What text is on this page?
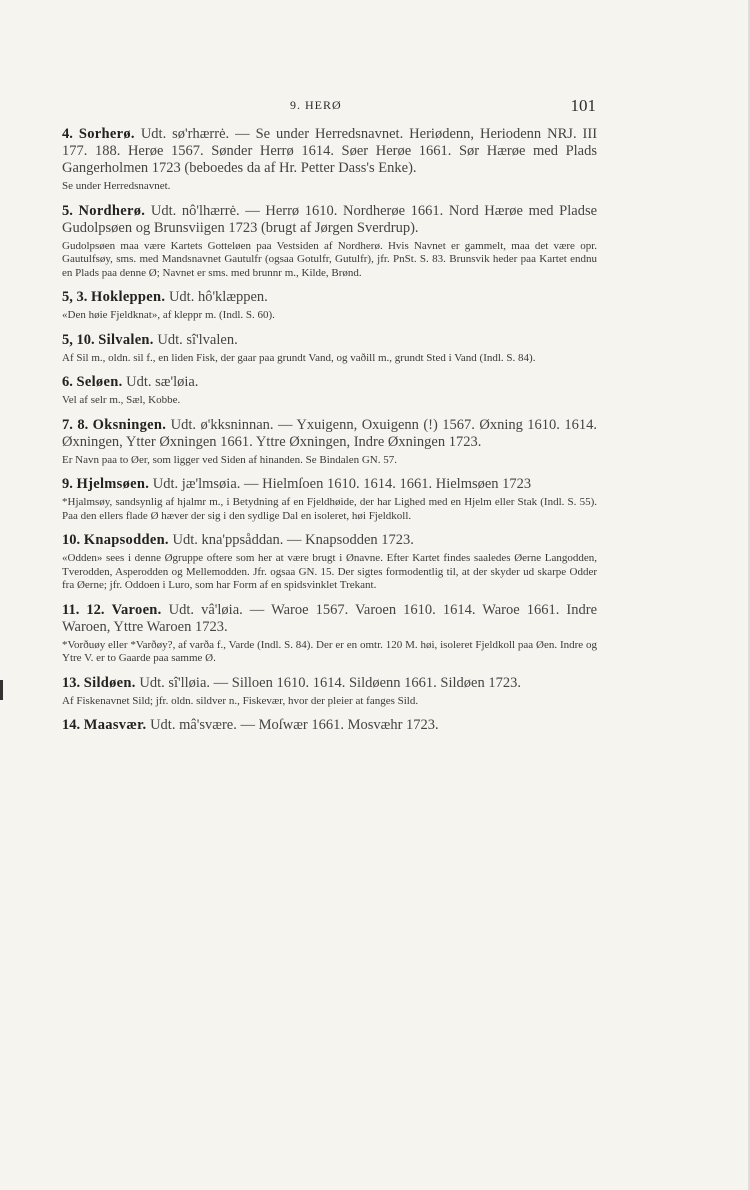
9. HERØ	101
4. Sorherø. Udt. sø'rhærrė. — Se under Herredsnavnet. Heriødenn, Heriodenn NRJ. III 177. 188. Herøe 1567. Sønder Herrø 1614. Søer Herøe 1661. Sør Hærøe med Plads Gangerholmen 1723 (beboedes da af Hr. Petter Dass's Enke).
Se under Herredsnavnet.
5. Nordherø. Udt. nô'lhærrė. — Herrø 1610. Nordherøe 1661. Nord Hærøe med Pladse Gudolpsøen og Brunsviigen 1723 (brugt af Jørgen Sverdrup).
Gudolpsøen maa være Kartets Gotteløen paa Vestsiden af Nordherø. Hvis Navnet er gammelt, maa det være opr. Gautulfsøy, sms. med Mandsnavnet Gautulfr (ogsaa Gotulfr, Gutulfr), jfr. PnSt. S. 83. Brunsvik heder paa Kartet endnu en Plads paa denne Ø; Navnet er sms. med brunnr m., Kilde, Brønd.
5, 3. Hokleppen. Udt. hô'klæppen.
«Den høie Fjeldknat», af kleppr m. (Indl. S. 60).
5, 10. Silvalen. Udt. sî'lvalen.
Af Sil m., oldn. sil f., en liden Fisk, der gaar paa grundt Vand, og vaðill m., grundt Sted i Vand (Indl. S. 84).
6. Seløen. Udt. sæ'løia.
Vel af selr m., Sæl, Kobbe.
7. 8. Oksningen. Udt. ø'kksninnan. — Yxuigenn, Oxuigenn (!) 1567. Øxning 1610. 1614. Øxningen, Ytter Øxningen 1661. Yttre Øxningen, Indre Øxningen 1723.
Er Navn paa to Øer, som ligger ved Siden af hinanden. Se Bindalen GN. 57.
9. Hjelmsøen. Udt. jæ'lmsøia. — Hielmſoen 1610. 1614. 1661. Hielmsøen 1723
*Hjalmsøy, sandsynlig af hjalmr m., i Betydning af en Fjeldhøide, der har Lighed med en Hjelm eller Stak (Indl. S. 55). Paa den ellers flade Ø hæver der sig i den sydlige Dal en isoleret, høi Fjeldkoll.
10. Knapsodden. Udt. kna'ppsåddan. — Knapsodden 1723.
«Odden» sees i denne Øgruppe oftere som her at være brugt i Ønavne. Efter Kartet findes saaledes Øerne Langodden, Tverodden, Asperodden og Mellemodden. Jfr. ogsaa GN. 15. Der sigtes formodentlig til, at der skyder ud skarpe Odder fra Øerne; jfr. Oddoen i Luro, som har Form af en spidsvinklet Trekant.
11. 12. Varoen. Udt. vâ'løia. — Waroe 1567. Varoen 1610. 1614. Waroe 1661. Indre Waroen, Yttre Waroen 1723.
*Vorðuøy eller *Varðøy?, af varða f., Varde (Indl. S. 84). Der er en omtr. 120 M. høi, isoleret Fjeldkoll paa Øen. Indre og Ytre V. er to Gaarde paa samme Ø.
13. Sildøen. Udt. sî'lløia. — Silloen 1610. 1614. Sildøenn 1661. Sildøen 1723.
Af Fiskenavnet Sild; jfr. oldn. sildver n., Fiskevær, hvor der pleier at fanges Sild.
14. Maasvær. Udt. mâ'svære. — Moſwær 1661. Mosvæhr 1723.
